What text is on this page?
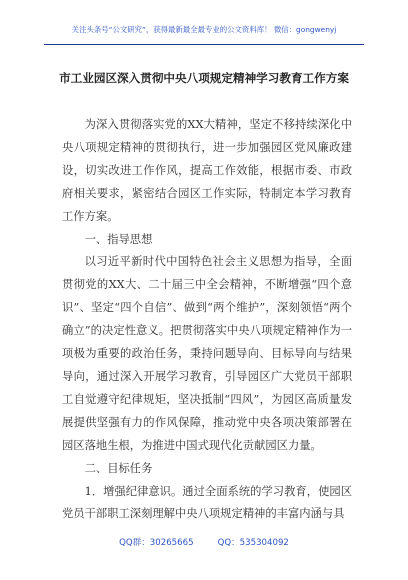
关注头条号“公文研究”，获得最新最全最专业的公文资料库！ 微信：gongwenyj
市工业园区深入贯彻中央八项规定精神学习教育工作方案

为深入贯彻落实党的XX大精神，坚定不移持续深化中央八项规定精神的贯彻执行，进一步加强园区党风廉政建设，切实改进工作作风，提高工作效能，根据市委、市政府相关要求，紧密结合园区工作实际，特制定本学习教育工作方案。

一、指导思想

以习近平新时代中国特色社会主义思想为指导，全面贯彻党的XX大、二十届三中全会精神，不断增强“四个意识”、坚定“四个自信”、做到“两个维护”，深刻领悟“两个确立”的决定性意义。把贯彻落实中央八项规定精神作为一项极为重要的政治任务，秉持问题导向、目标导向与结果导向，通过深入开展学习教育，引导园区广大党员干部职工自觉遵守纪律规矩，坚决抵制“四风”，为园区高质量发展提供坚强有力的作风保障，推动党中央各项决策部署在园区落地生根，为推进中国式现代化贡献园区力量。

二、目标任务

1．增强纪律意识。通过全面系统的学习教育，使园区党员干部职工深刻理解中央八项规定精神的丰富内涵与具

QQ群：30265665	QQ：535304092
